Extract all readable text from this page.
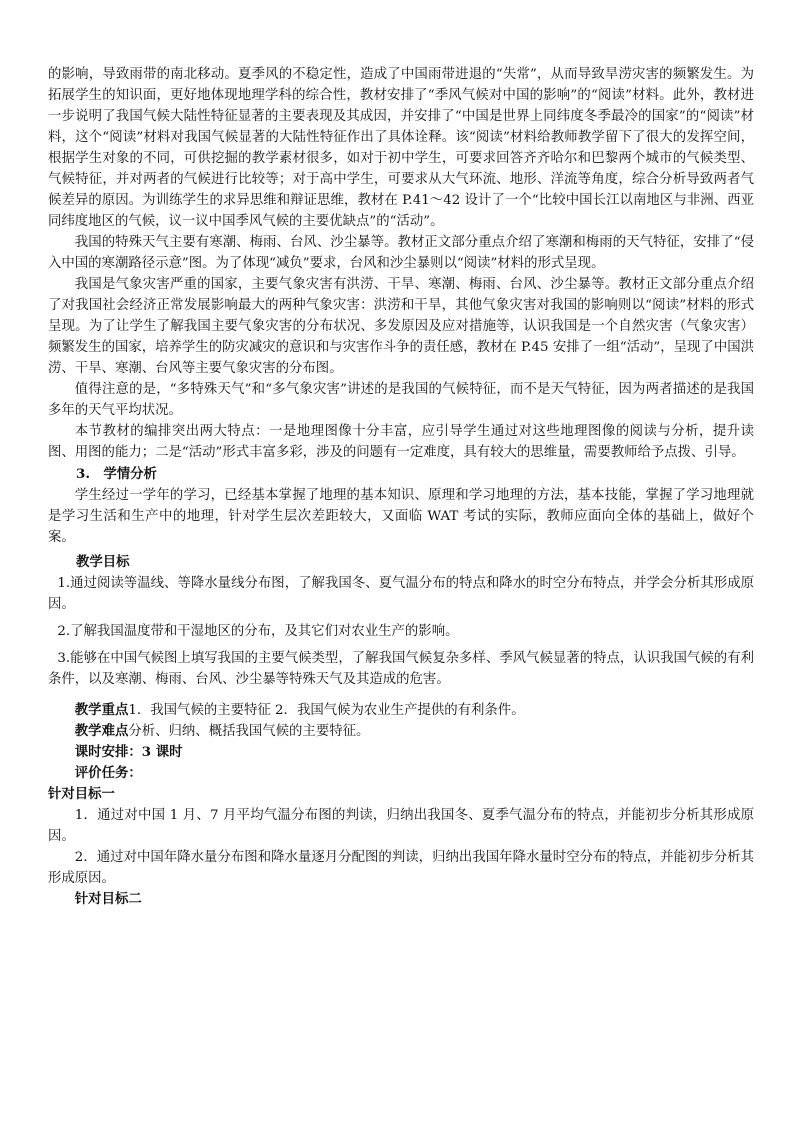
的影响，导致雨带的南北移动。夏季风的不稳定性，造成了中国雨带进退的“失常”，从而导致旱涝灾害的频繁发生。为拓展学生的知识面，更好地体现地理学科的综合性，教材安排了“季风气候对中国的影响”的“阅读”材料。此外，教材进一步说明了我国气候大陆性特征显著的主要表现及其成因，并安排了“中国是世界上同纬度冬季最冷的国家”的“阅读”材料，这个“阅读”材料对我国气候显著的大陆性特征作出了具体诠释。该“阅读”材料给教师教学留下了很大的发挥空间，根据学生对象的不同，可供挖掘的教学素材很多，如对于初中学生，可要求回答齐齐哈尔和巴黎两个城市的气候类型、气候特征，并对两者的气候进行比较等；对于高中学生，可要求从大气环流、地形、洋流等角度，综合分析导致两者气候差异的原因。为训练学生的求异思维和辩证思维，教材在 P.41～42 设计了一个“比较中国长江以南地区与非洲、西亚同纬度地区的气候，议一议中国季风气候的主要优缺点”的“活动”。

我国的特殊天气主要有寒潮、梅雨、台风、沙尘暴等。教材正文部分重点介绍了寒潮和梅雨的天气特征，安排了“侵入中国的寒潮路径示意”图。为了体现“减负”要求，台风和沙尘暴则以“阅读”材料的形式呈现。

我国是气象灾害严重的国家，主要气象灾害有洪涝、干旱、寒潮、梅雨、台风、沙尘暴等。教材正文部分重点介绍了对我国社会经济正常发展影响最大的两种气象灾害：洪涝和干旱，其他气象灾害对我国的影响则以“阅读”材料的形式呈现。为了让学生了解我国主要气象灾害的分布状况、多发原因及应对措施等，认识我国是一个自然灾害（气象灾害）频繁发生的国家，培养学生的防灾减灾的意识和与灾害作斗争的责任感，教材在 P.45 安排了一组“活动”，呈现了中国洪涝、干旱、寒潮、台风等主要气象灾害的分布图。

值得注意的是，“多特殊天气”和“多气象灾害”讲述的是我国的气候特征，而不是天气特征，因为两者描述的是我国多年的天气平均状况。

本节教材的编排突出两大特点：一是地理图像十分丰富，应引导学生通过对这些地理图像的阅读与分析，提升读图、用图的能力；二是“活动”形式丰富多彩，涉及的问题有一定难度，具有较大的思维量，需要教师给予点拨、引导。

3.　学情分析

学生经过一学年的学习，已经基本掌握了地理的基本知识、原理和学习地理的方法，基本技能，掌握了学习地理就是学习生活和生产中的地理，针对学生层次差距较大，又面临 WAT 考试的实际，教师应面向全体的基础上，做好个案。

教学目标

1.通过阅读等温线、等降水量线分布图，了解我国冬、夏气温分布的特点和降水的时空分布特点，并学会分析其形成原因。

2.了解我国温度带和干湿地区的分布，及其它们对农业生产的影响。

3.能够在中国气候图上填写我国的主要气候类型，了解我国气候复杂多样、季风气候显著的特点，认识我国气候的有利条件，以及寒潮、梅雨、台风、沙尘暴等特殊天气及其造成的危害。

教学重点1．我国气候的主要特征 2．我国气候为农业生产提供的有利条件。

教学难点分析、归纳、概括我国气候的主要特征。

课时安排：3 课时

评价任务：

针对目标一

1．通过对中国 1 月、7 月平均气温分布图的判读，归纳出我国冬、夏季气温分布的特点，并能初步分析其形成原因。

2．通过对中国年降水量分布图和降水量逐月分配图的判读，归纳出我国年降水量时空分布的特点，并能初步分析其形成原因。

针对目标二
